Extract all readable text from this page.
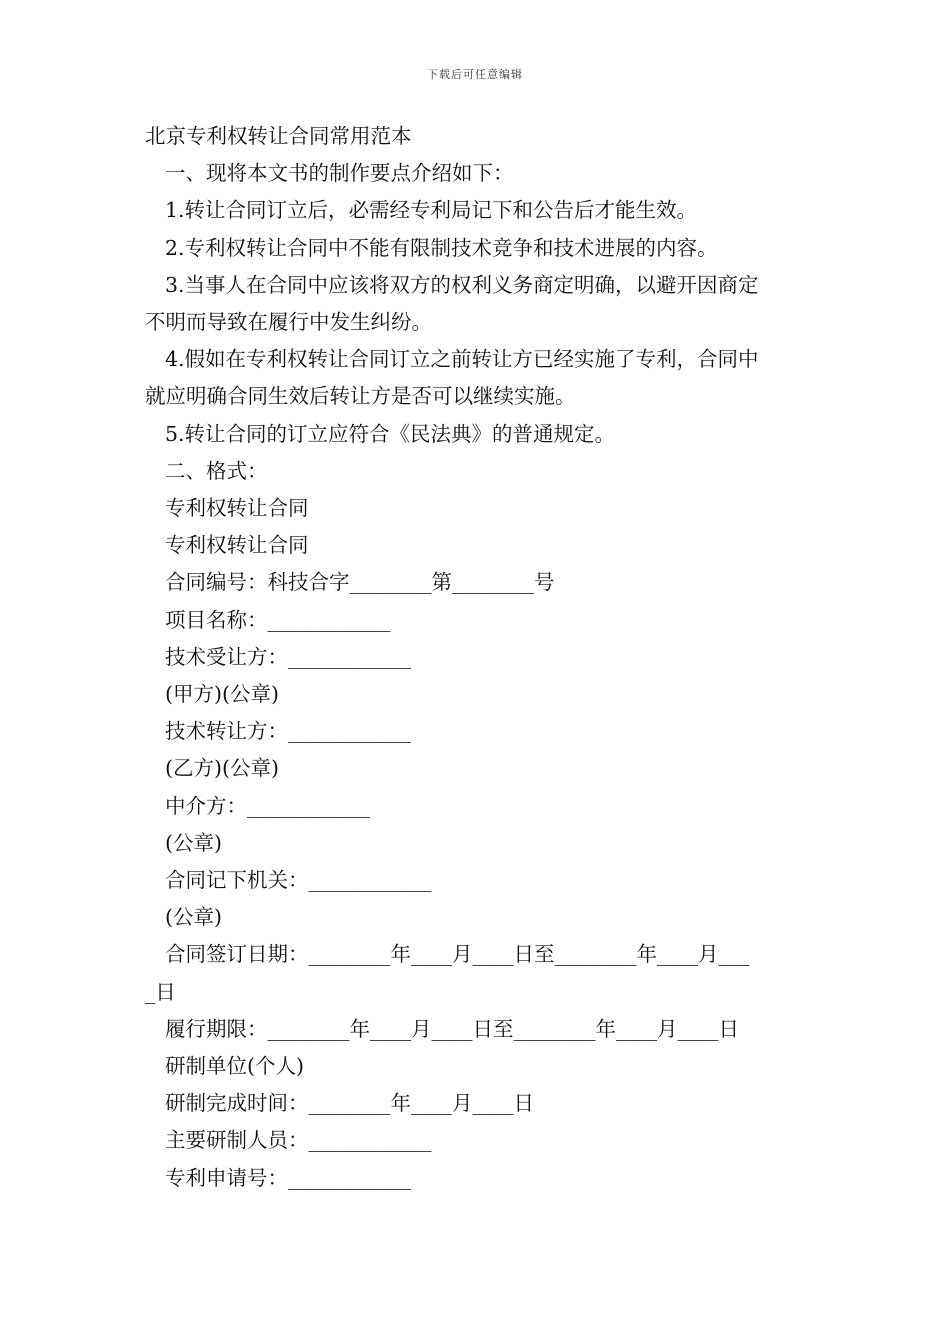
下载后可任意编辑
北京专利权转让合同常用范本
一、现将本文书的制作要点介绍如下：
1.转让合同订立后，必需经专利局记下和公告后才能生效。
2.专利权转让合同中不能有限制技术竞争和技术进展的内容。
3.当事人在合同中应该将双方的权利义务商定明确，以避开因商定
不明而导致在履行中发生纠纷。
4.假如在专利权转让合同订立之前转让方已经实施了专利，合同中
就应明确合同生效后转让方是否可以继续实施。
5.转让合同的订立应符合《民法典》的普通规定。
二、格式：
专利权转让合同
专利权转让合同
合同编号：科技合字________第________号
项目名称：____________
技术受让方：____________
(甲方)(公章)
技术转让方：____________
(乙方)(公章)
中介方：____________
(公章)
合同记下机关：____________
(公章)
合同签订日期：________年____月____日至________年____月___
_日
履行期限：________年____月____日至________年____月____日
研制单位(个人)
研制完成时间：________年____月____日
主要研制人员：____________
专利申请号：____________
